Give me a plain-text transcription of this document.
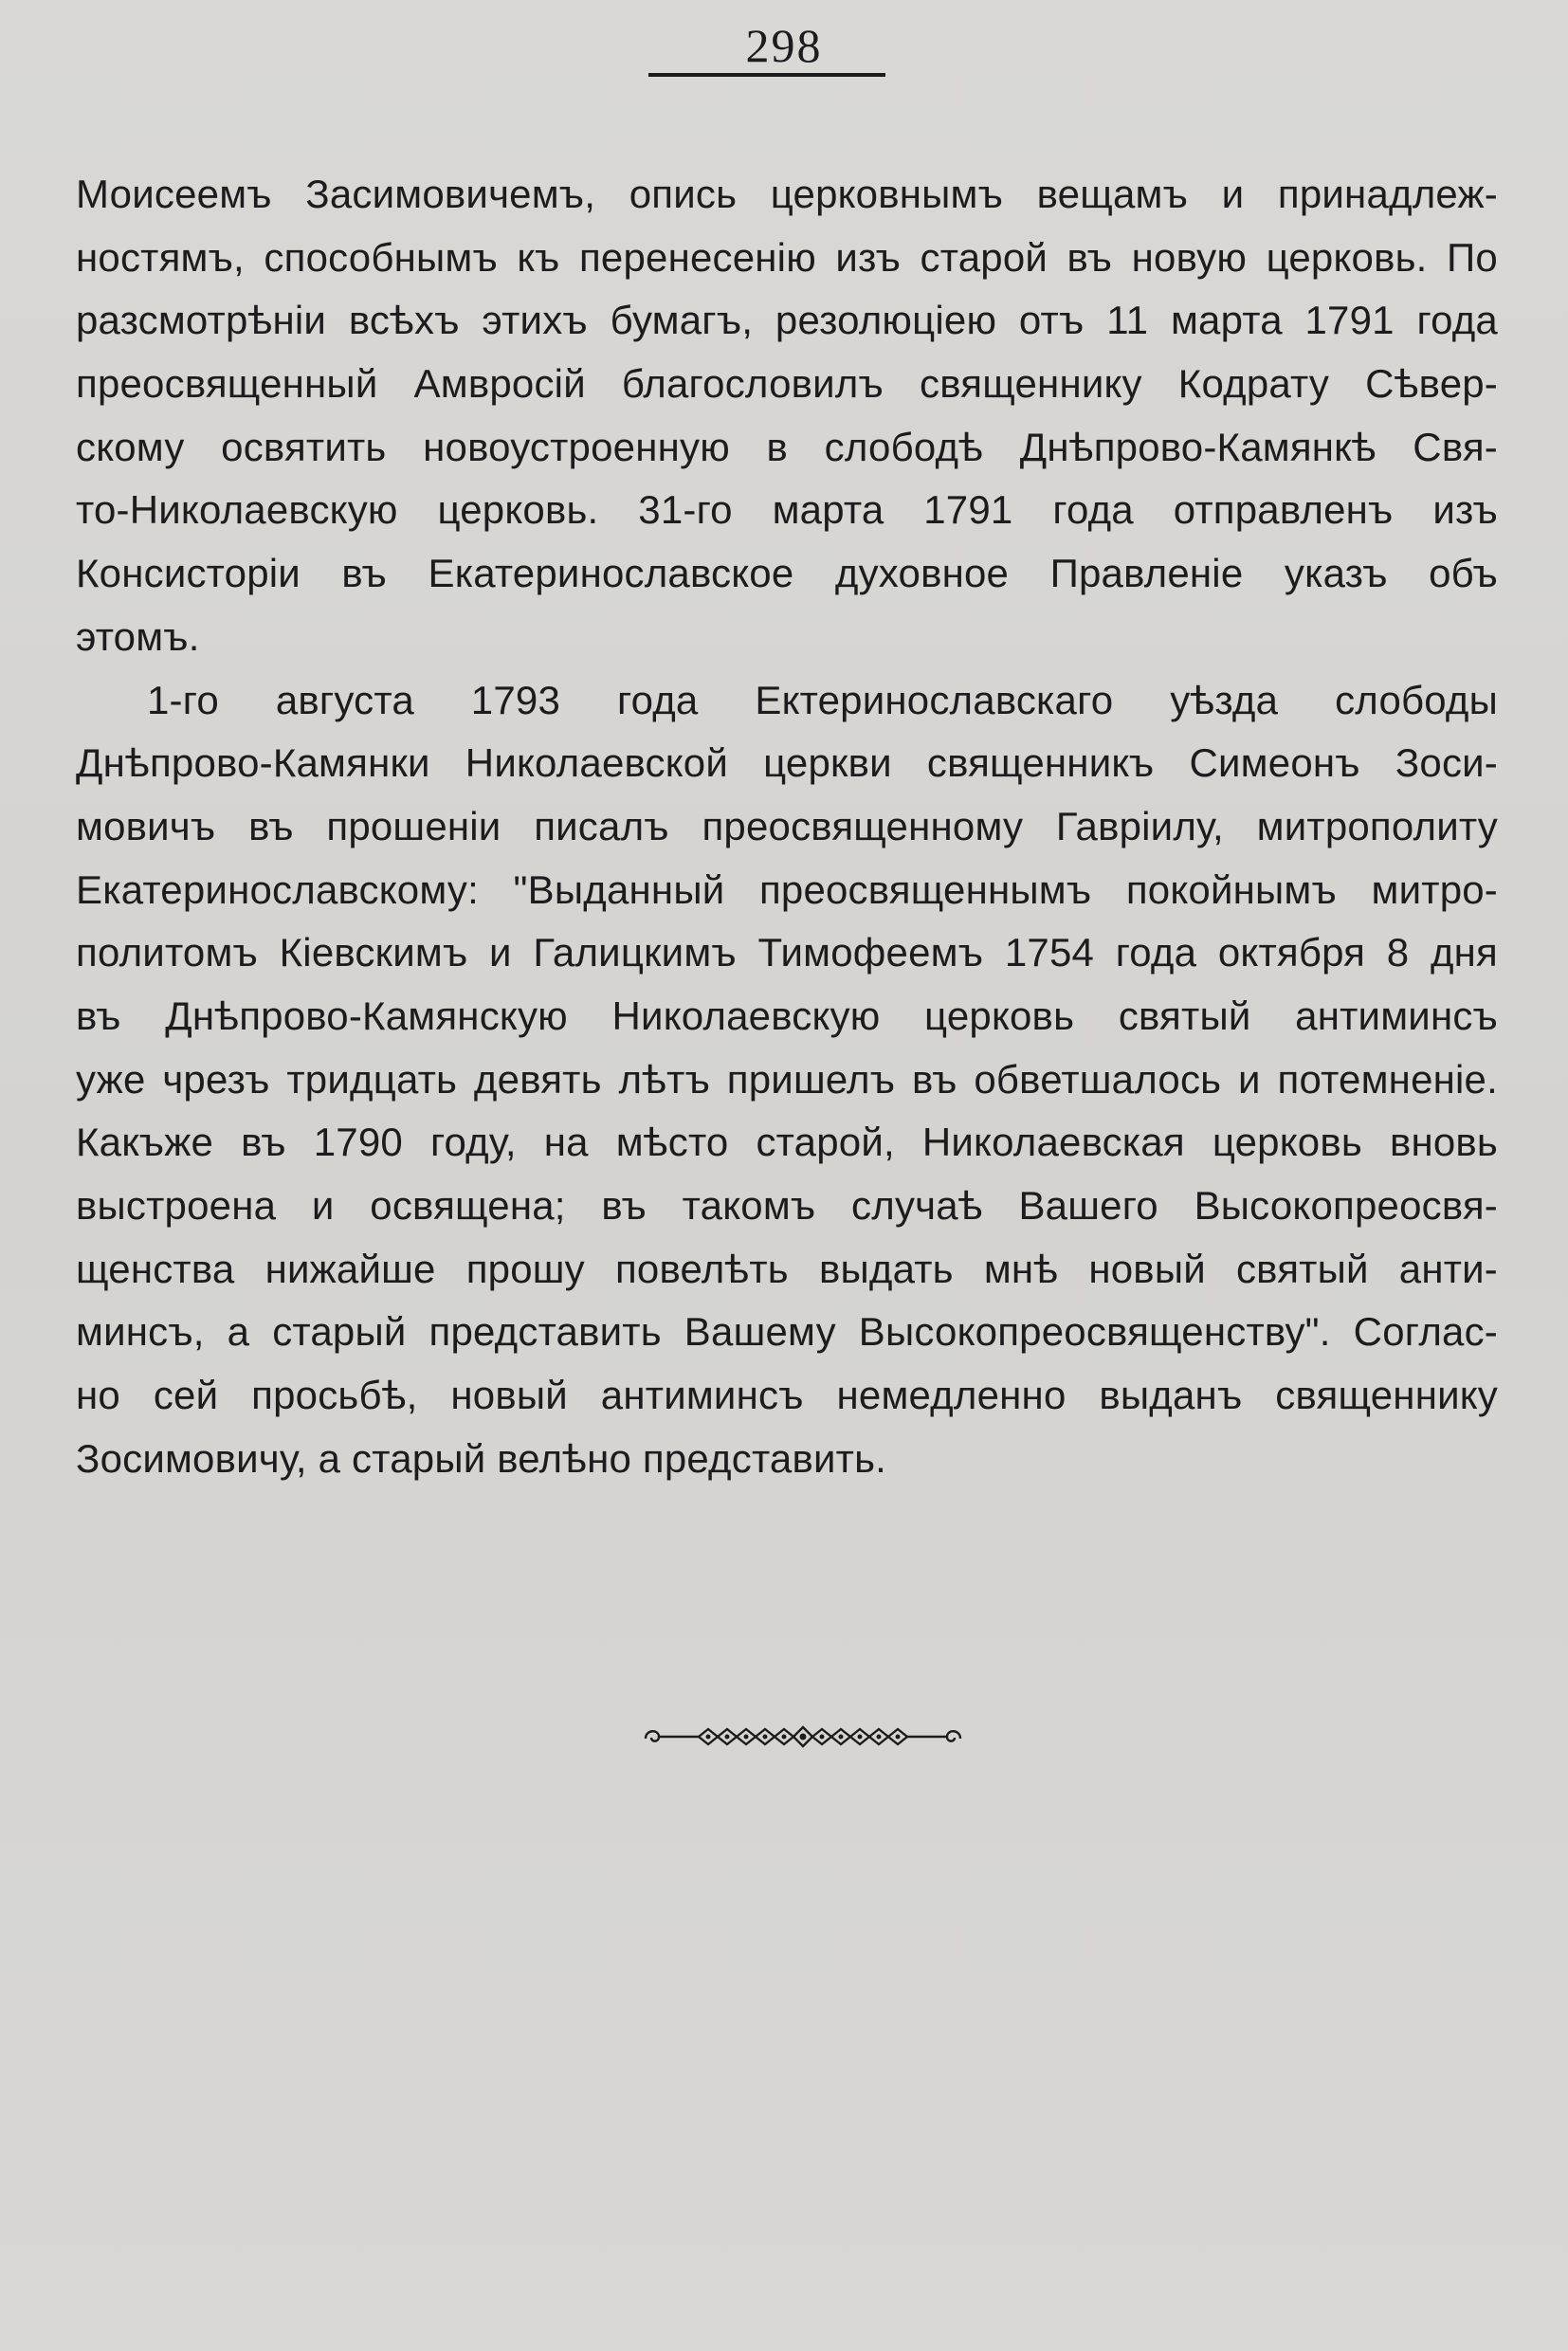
298
Моисеемъ Засимовичемъ, опись церковнымъ вещамъ и принадлеж-
ностямъ, способнымъ къ перенесенію изъ старой въ новую церковь. По
разсмотрѣніи всѣхъ этихъ бумагъ, резолюціею отъ 11 марта 1791 года
преосвященный Амвросій благословилъ священнику Кодрату Сѣвер-
скому освятить новоустроенную в слободѣ Днѣпрово-Камянкѣ Свя-
то-Николаевскую церковь. 31-го марта 1791 года отправленъ изъ
Консисторіи въ Екатеринославское духовное Правленіе указъ объ
этомъ.
1-го августа 1793 года Ектеринославскаго уѣзда слободы
Днѣпрово-Камянки Николаевской церкви священникъ Симеонъ Зоси-
мовичъ въ прошеніи писалъ преосвященному Гавріилу, митрополиту
Екатеринославскому: "Выданный преосвященнымъ покойнымъ митро-
политомъ Кіевскимъ и Галицкимъ Тимофеемъ 1754 года октября 8 дня
въ Днѣпрово-Камянскую Николаевскую церковь святый антиминсъ
уже чрезъ тридцать девять лѣтъ пришелъ въ обветшалось и потемненіе.
Какъже въ 1790 году, на мѣсто старой, Николаевская церковь вновь
выстроена и освящена; въ такомъ случаѣ Вашего Высокопреосвя-
щенства нижайше прошу повелѣть выдать мнѣ новый святый анти-
минсъ, а старый представить Вашему Высокопреосвященству". Соглас-
но сей просьбѣ, новый антиминсъ немедленно выданъ священнику
Зосимовичу, а старый велѣно представить.
